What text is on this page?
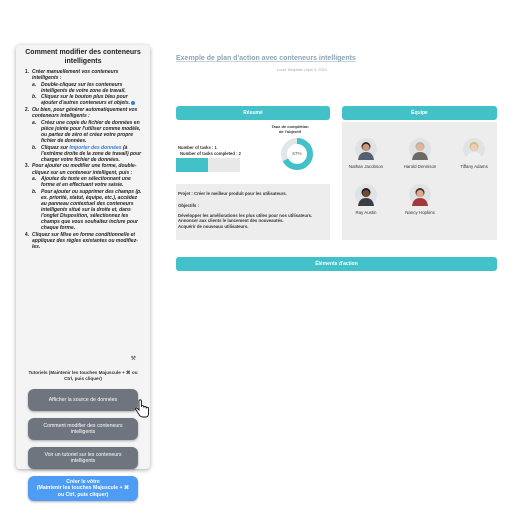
Comment modifier des conteneurs intelligents
1. Créer manuellement vos conteneurs intelligents :
a. Double-cliquez sur les conteneurs intelligents de votre zone de travail.
b. Cliquez sur le bouton plus bleu pour ajouter d'autres conteneurs et objets.
2. Ou bien, pour générer automatiquement vos conteneurs intelligents :
a. Créez une copie du fichier de données en pièce jointe pour l'utiliser comme modèle, ou partez de zéro et créez votre propre fichier de données.
b. Cliquez sur Importer des données (à l'extrême droite de la zone de travail) pour charger votre fichier de données.
3. Pour ajouter ou modifier une forme, double-cliquez sur un conteneur intelligent, puis :
a. Ajoutez du texte en sélectionnant une forme et en effectuant votre saisie.
b. Pour ajouter ou supprimer des champs (p. ex. priorité, statut, équipe, etc.), accédez au panneau contextuel des conteneurs intelligents situé sur la droite et, dans l'onglet Disposition, sélectionnez les champs que vous souhaitez inclure pour chaque forme.
4. Cliquez sur Mise en forme conditionnelle et appliquez des règles existantes ou modifiez-les.
⚒
Tutoriels (Maintenir les touches Majuscule + ⌘ ou Ctrl, puis cliquer)
Afficher la source de données
Comment modifier des conteneurs intelligents
Voir un tutoriel sur les conteneurs intelligents
Créer le vôtre
(Maintenir les touches Majuscule + ⌘ ou Ctrl, puis cliquer)
Exemple de plan d'action avec conteneurs intelligents
Lucid Template | April 9, 2024
Résumé	Équipe
Number of tasks : 1
Number of tasks completed : 2
Taux de complétion de l'objectif
67%
Nathan Jacobson	Harold Dennison	Tiffany Adams
Ray Austin	Nancy Hopkins
Projet : Créer le meilleur produit pour les utilisateurs.
Objectifs :
Développer les améliorations les plus utiles pour nos utilisateurs.
Annoncer aux clients le lancement des nouveautés.
Acquérir de nouveaux utilisateurs.
Éléments d'action
